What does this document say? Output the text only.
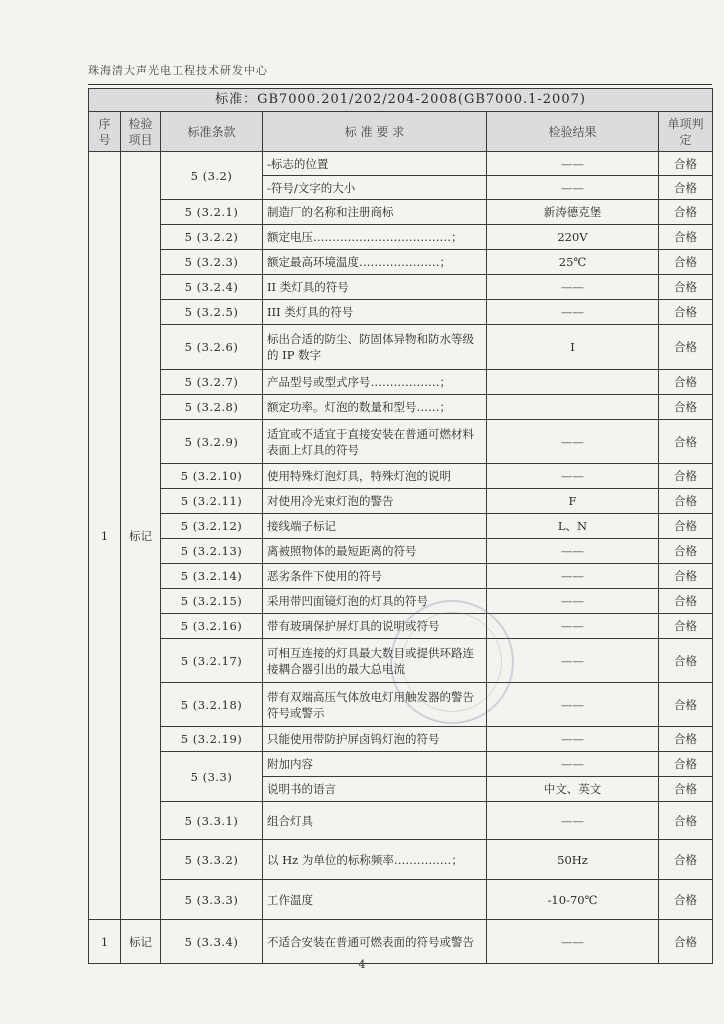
珠海清大声光电工程技术研发中心
标准：GB7000.201/202/204-2008(GB7000.1-2007)					
序号	检验项目	标准条款	标 准 要 求	检验结果	单项判定
1	标记	5 (3.2)	-标志的位置	——	合格
			-符号/文字的大小	——	合格
		5 (3.2.1)	制造厂的名称和注册商标	新涛德克堡	合格
		5 (3.2.2)	额定电压………………………………；	220V	合格
		5 (3.2.3)	额定最高环境温度…………………；	25℃	合格
		5 (3.2.4)	II 类灯具的符号	——	合格
		5 (3.2.5)	III 类灯具的符号	——	合格
		5 (3.2.6)	标出合适的防尘、防固体异物和防水等级的 IP 数字	I	合格
		5 (3.2.7)	产品型号或型式序号………………；		合格
		5 (3.2.8)	额定功率。灯泡的数量和型号……；		合格
		5 (3.2.9)	适宜或不适宜于直接安装在普通可燃材料表面上灯具的符号	——	合格
		5 (3.2.10)	使用特殊灯泡灯具，特殊灯泡的说明	——	合格
		5 (3.2.11)	对使用冷光束灯泡的警告	F	合格
		5 (3.2.12)	接线端子标记	L、N	合格
		5 (3.2.13)	离被照物体的最短距离的符号	——	合格
		5 (3.2.14)	恶劣条件下使用的符号	——	合格
		5 (3.2.15)	采用带凹面镜灯泡的灯具的符号	——	合格
		5 (3.2.16)	带有玻璃保护屏灯具的说明或符号	——	合格
		5 (3.2.17)	可相互连接的灯具最大数目或提供环路连接耦合器引出的最大总电流	——	合格
		5 (3.2.18)	带有双端高压气体放电灯用触发器的警告符号或警示	——	合格
		5 (3.2.19)	只能使用带防护屏卤钨灯泡的符号	——	合格
		5 (3.3)	附加内容	——	合格
			说明书的语言	中文、英文	合格
		5 (3.3.1)	组合灯具	——	合格
		5 (3.3.2)	以 Hz 为单位的标称频率……………；	50Hz	合格
		5 (3.3.3)	工作温度	-10-70℃	合格
1	标记	5 (3.3.4)	不适合安装在普通可燃表面的符号或警告	——	合格
4
